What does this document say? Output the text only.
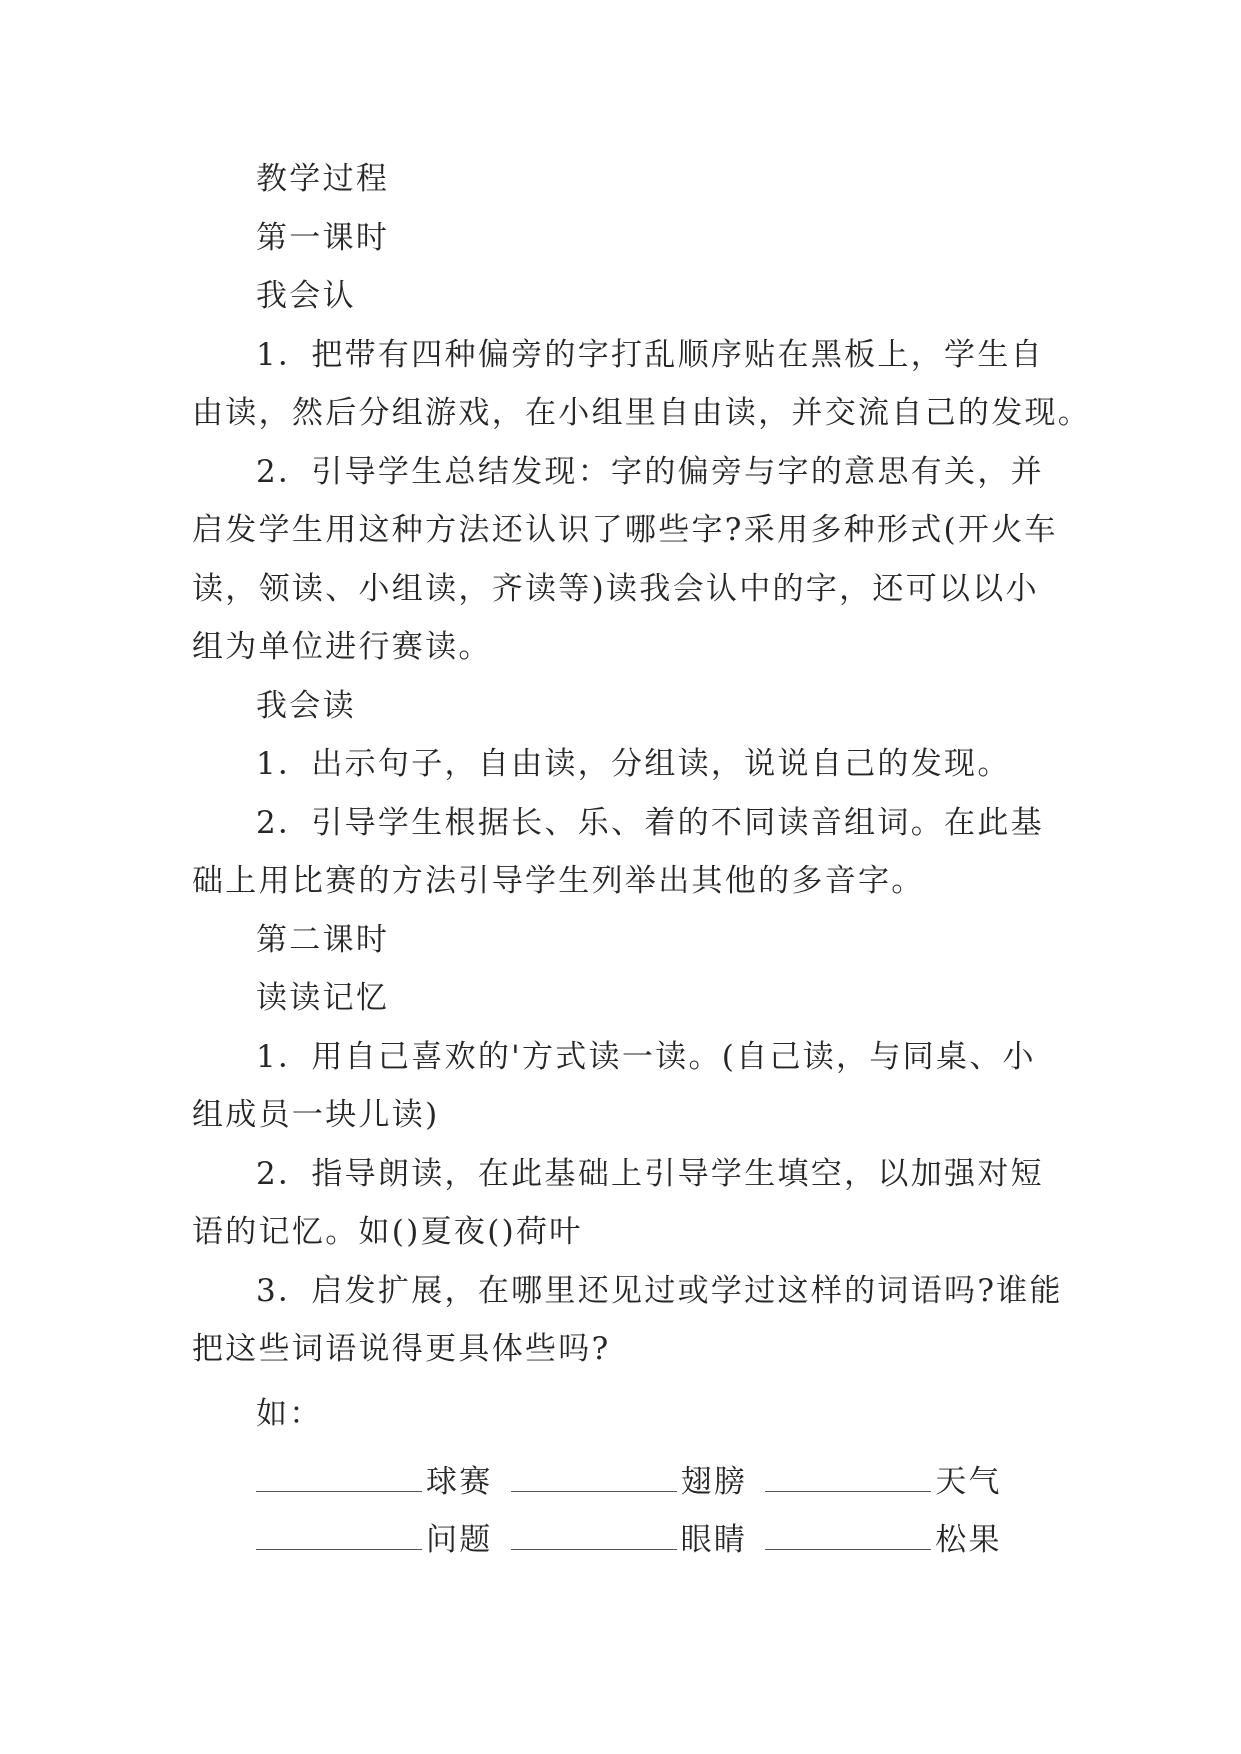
教学过程
第一课时
我会认
1．把带有四种偏旁的字打乱顺序贴在黑板上，学生自
由读，然后分组游戏，在小组里自由读，并交流自己的发现。
2．引导学生总结发现：字的偏旁与字的意思有关，并
启发学生用这种方法还认识了哪些字?采用多种形式(开火车
读，领读、小组读，齐读等)读我会认中的字，还可以以小
组为单位进行赛读。
我会读
1．出示句子，自由读，分组读，说说自己的发现。
2．引导学生根据长、乐、着的不同读音组词。在此基
础上用比赛的方法引导学生列举出其他的多音字。
第二课时
读读记忆
1．用自己喜欢的'方式读一读。(自己读，与同桌、小
组成员一块儿读)
2．指导朗读，在此基础上引导学生填空，以加强对短
语的记忆。如()夏夜()荷叶
3．启发扩展，在哪里还见过或学过这样的词语吗?谁能
把这些词语说得更具体些吗?
如：
球赛	翅膀	天气
问题	眼睛	松果
